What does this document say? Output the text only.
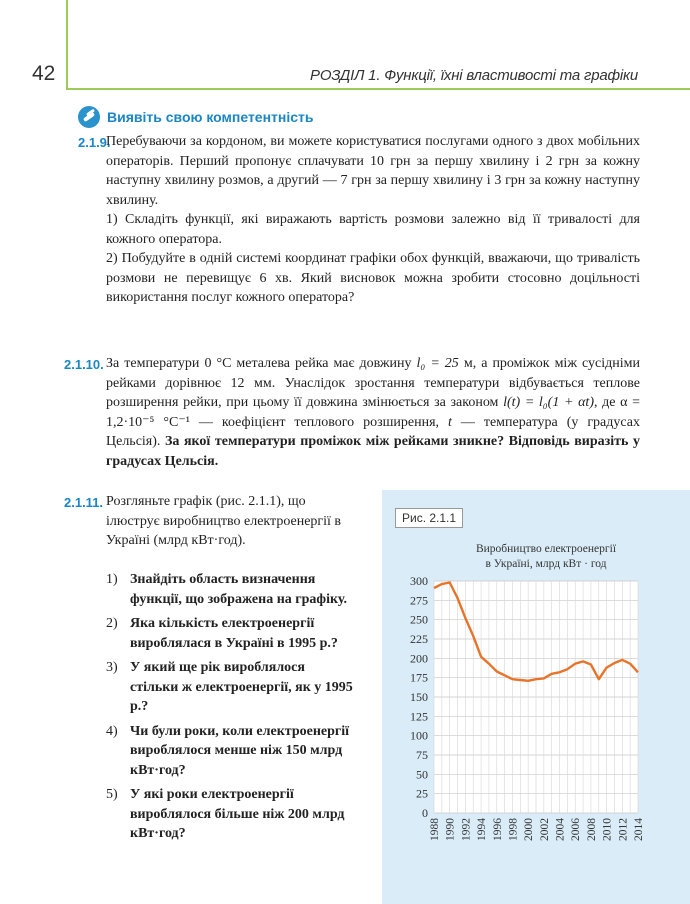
42	РОЗДІЛ 1. Функції, їхні властивості та графіки
Виявіть свою компетентність
2.1.9.

Перебуваючи за кордоном, ви можете користуватися послугами одного з двох мобільних операторів. Перший пропонує сплачувати 10 грн за першу хвилину і 2 грн за кожну наступну хвилину розмов, а другий — 7 грн за першу хвилину і 3 грн за кожну наступну хвилину.

1) Складіть функції, які виражають вартість розмови залежно від її тривалості для кожного оператора.

2) Побудуйте в одній системі координат графіки обох функцій, вважаючи, що тривалість розмови не перевищує 6 хв. Який висновок можна зробити стосовно доцільності використання послуг кожного оператора?

2.1.10. За температури 0 °С металева рейка має довжину l₀ = 25 м, а проміжок між сусідніми рейками дорівнює 12 мм. Унаслідок зростання температури відбувається теплове розширення рейки, при цьому її довжина змінюється за законом l(t) = l₀(1 + αt), де α = 1,2·10⁻⁵ °С⁻¹ — коефіцієнт теплового розширення, t — температура (у градусах Цельсія). За якої температури проміжок між рейками зникне? Відповідь виразіть у градусах Цельсія.

2.1.11. Розгляньте графік (рис. 2.1.1), що ілюструє виробництво електроенергії в Україні (млрд кВт·год).

1) Знайдіть область визначення функції, що зображена на графіку.
2) Яка кількість електроенергії вироблялася в Україні в 1995 р.?
3) У який ще рік вироблялося стільки ж електроенергії, як у 1995 р.?
4) Чи були роки, коли електроенергії вироблялося менше ніж 150 млрд кВт·год?
5) У які роки електроенергії вироблялося більше ніж 200 млрд кВт·год?
Рис. 2.1.1
Виробництво електроенергії
в Україні, млрд кВт · год
0
25
50
75
100
125
150
175
200
225
250
275
300
1988 1990 1992 1994 1996 1998 2000 2002 2004 2006 2008 2010 2012 2014
